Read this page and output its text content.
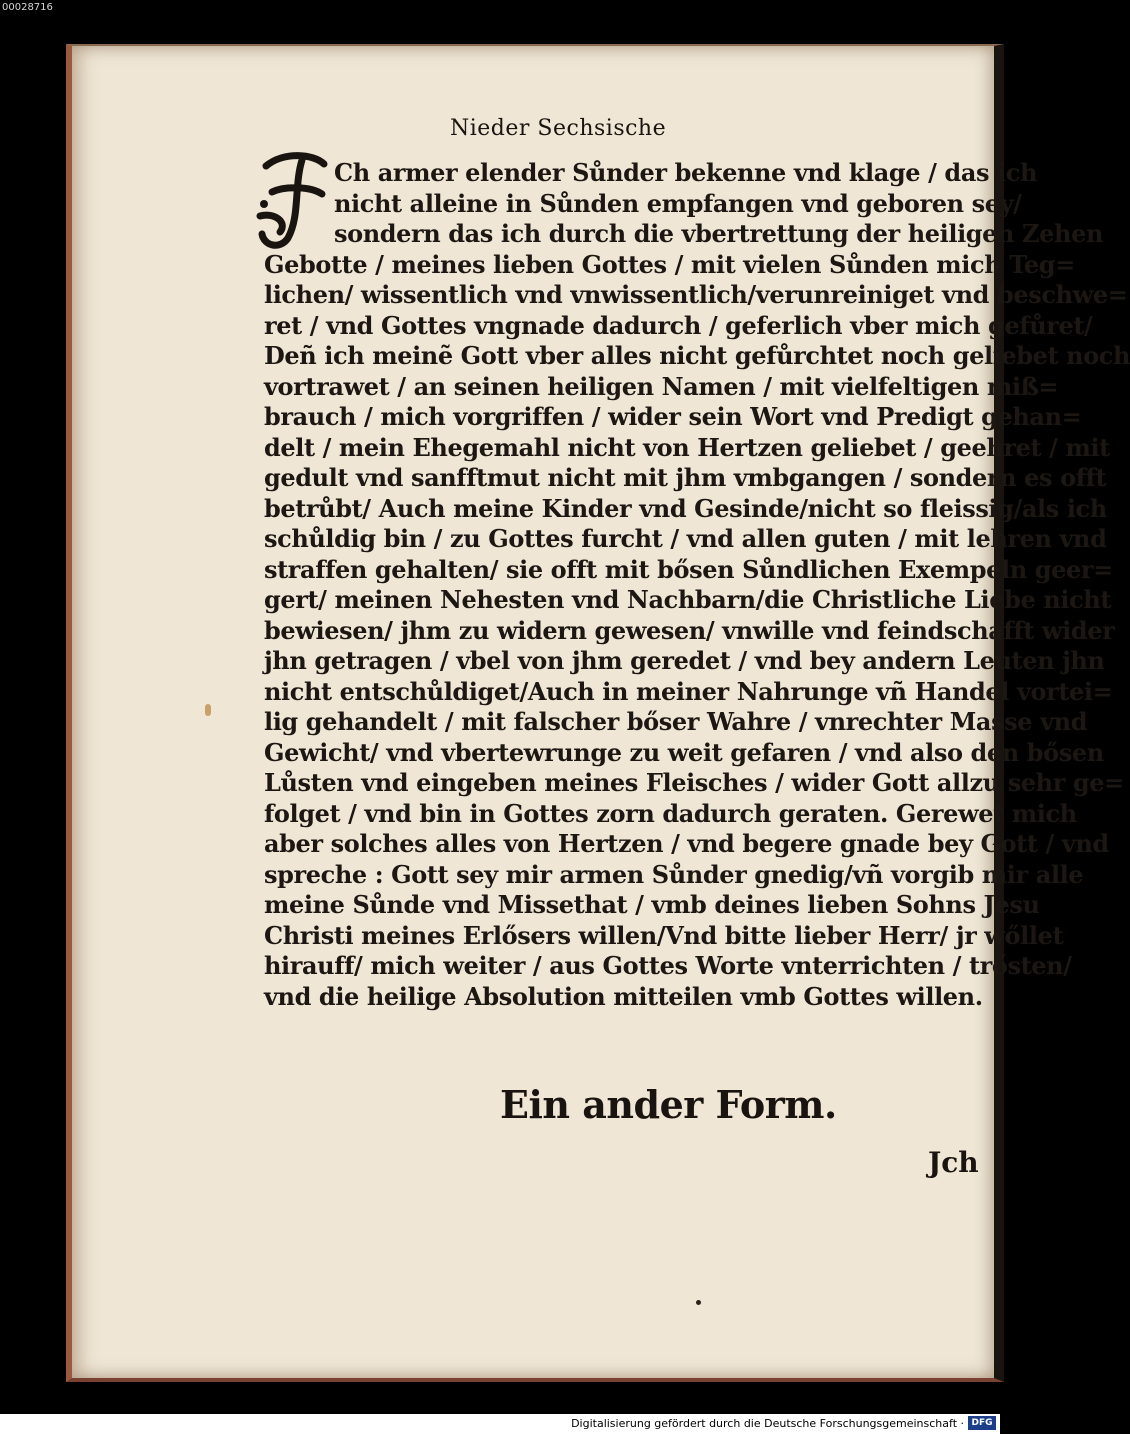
00028716
Nieder Sechsische
Ch armer elender Sůnder bekenne vnd klage / das ich
nicht alleine in Sůnden empfangen vnd geboren sey/
sondern das ich durch die vbertrettung der heiligen Zehen
Gebotte / meines lieben Gottes / mit vielen Sůnden mich Teg=
lichen/ wissentlich vnd vnwissentlich/verunreiniget vnd beschwe=
ret / vnd Gottes vngnade dadurch / geferlich vber mich gefůret/
Deñ ich meinẽ Gott vber alles nicht gefůrchtet noch geliebet noch
vortrawet / an seinen heiligen Namen / mit vielfeltigen miß=
brauch / mich vorgriffen / wider sein Wort vnd Predigt gehan=
delt / mein Ehegemahl nicht von Hertzen geliebet / geehret / mit
gedult vnd sanfftmut nicht mit jhm vmbgangen / sondern es offt
betrůbt/ Auch meine Kinder vnd Gesinde/nicht so fleissig/als ich
schůldig bin / zu Gottes furcht / vnd allen guten / mit lehren vnd
straffen gehalten/ sie offt mit bősen Sůndlichen Exempeln geer=
gert/ meinen Nehesten vnd Nachbarn/die Christliche Liebe nicht
bewiesen/ jhm zu widern gewesen/ vnwille vnd feindschafft wider
jhn getragen / vbel von jhm geredet / vnd bey andern Leuten jhn
nicht entschůldiget/Auch in meiner Nahrunge vñ Handel vortei=
lig gehandelt / mit falscher bőser Wahre / vnrechter Masse vnd
Gewicht/ vnd vbertewrunge zu weit gefaren / vnd also den bősen
Lůsten vnd eingeben meines Fleisches / wider Gott allzu sehr ge=
folget / vnd bin in Gottes zorn dadurch geraten. Gerewet mich
aber solches alles von Hertzen / vnd begere gnade bey Gott / vnd
spreche : Gott sey mir armen Sůnder gnedig/vñ vorgib mir alle
meine Sůnde vnd Missethat / vmb deines lieben Sohns Jesu
Christi meines Erlősers willen/Vnd bitte lieber Herr/ jr wőllet
hirauff/ mich weiter / aus Gottes Worte vnterrichten / trősten/
vnd die heilige Absolution mitteilen vmb Gottes willen.
Ein ander Form.
Jch
Digitalisierung gefördert durch die Deutsche Forschungsgemeinschaft · DFG
